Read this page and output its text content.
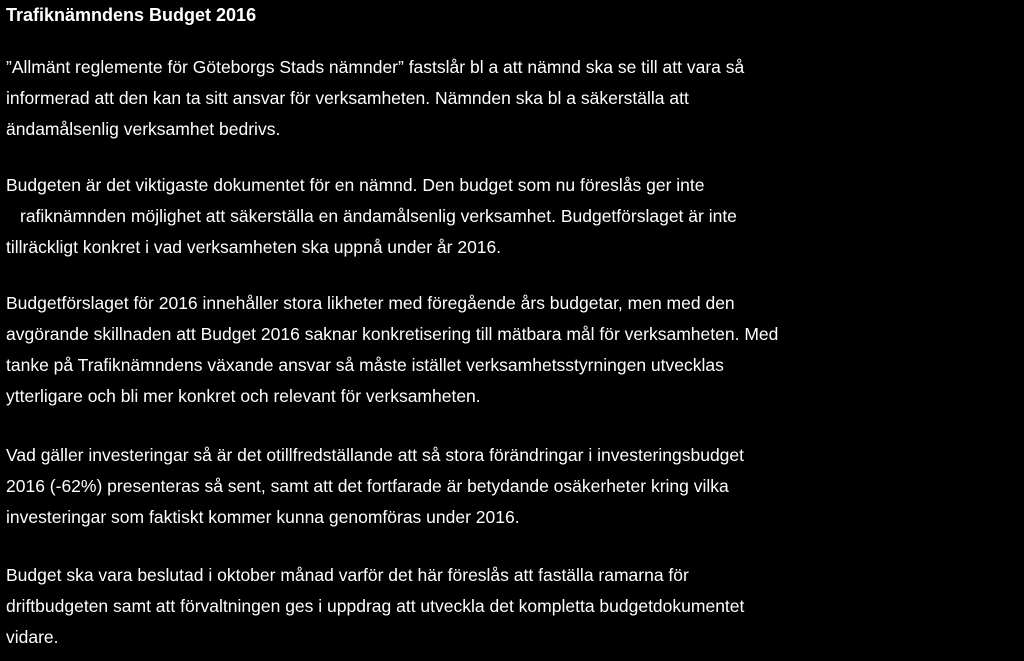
Trafiknämndens Budget 2016
”Allmänt reglemente för Göteborgs Stads nämnder” fastslår bl a att nämnd ska se till att vara så
informerad att den kan ta sitt ansvar för verksamheten. Nämnden ska bl a säkerställa att
ändamålsenlig verksamhet bedrivs.
Budgeten är det viktigaste dokumentet för en nämnd. Den budget som nu föreslås ger inte
rafiknämnden möjlighet att säkerställa en ändamålsenlig verksamhet. Budgetförslaget är inte
tillräckligt konkret i vad verksamheten ska uppnå under år 2016.
Budgetförslaget för 2016 innehåller stora likheter med föregående års budgetar, men med den
avgörande skillnaden att Budget 2016 saknar konkretisering till mätbara mål för verksamheten. Med
tanke på Trafiknämndens växande ansvar så måste istället verksamhetsstyrningen utvecklas
ytterligare och bli mer konkret och relevant för verksamheten.
Vad gäller investeringar så är det otillfredställande att så stora förändringar i investeringsbudget
2016 (-62%) presenteras så sent, samt att det fortfarade är betydande osäkerheter kring vilka
investeringar som faktiskt kommer kunna genomföras under 2016.
Budget ska vara beslutad i oktober månad varför det här föreslås att faställa ramarna för
driftbudgeten samt att förvaltningen ges i uppdrag att utveckla det kompletta budgetdokumentet
vidare.
